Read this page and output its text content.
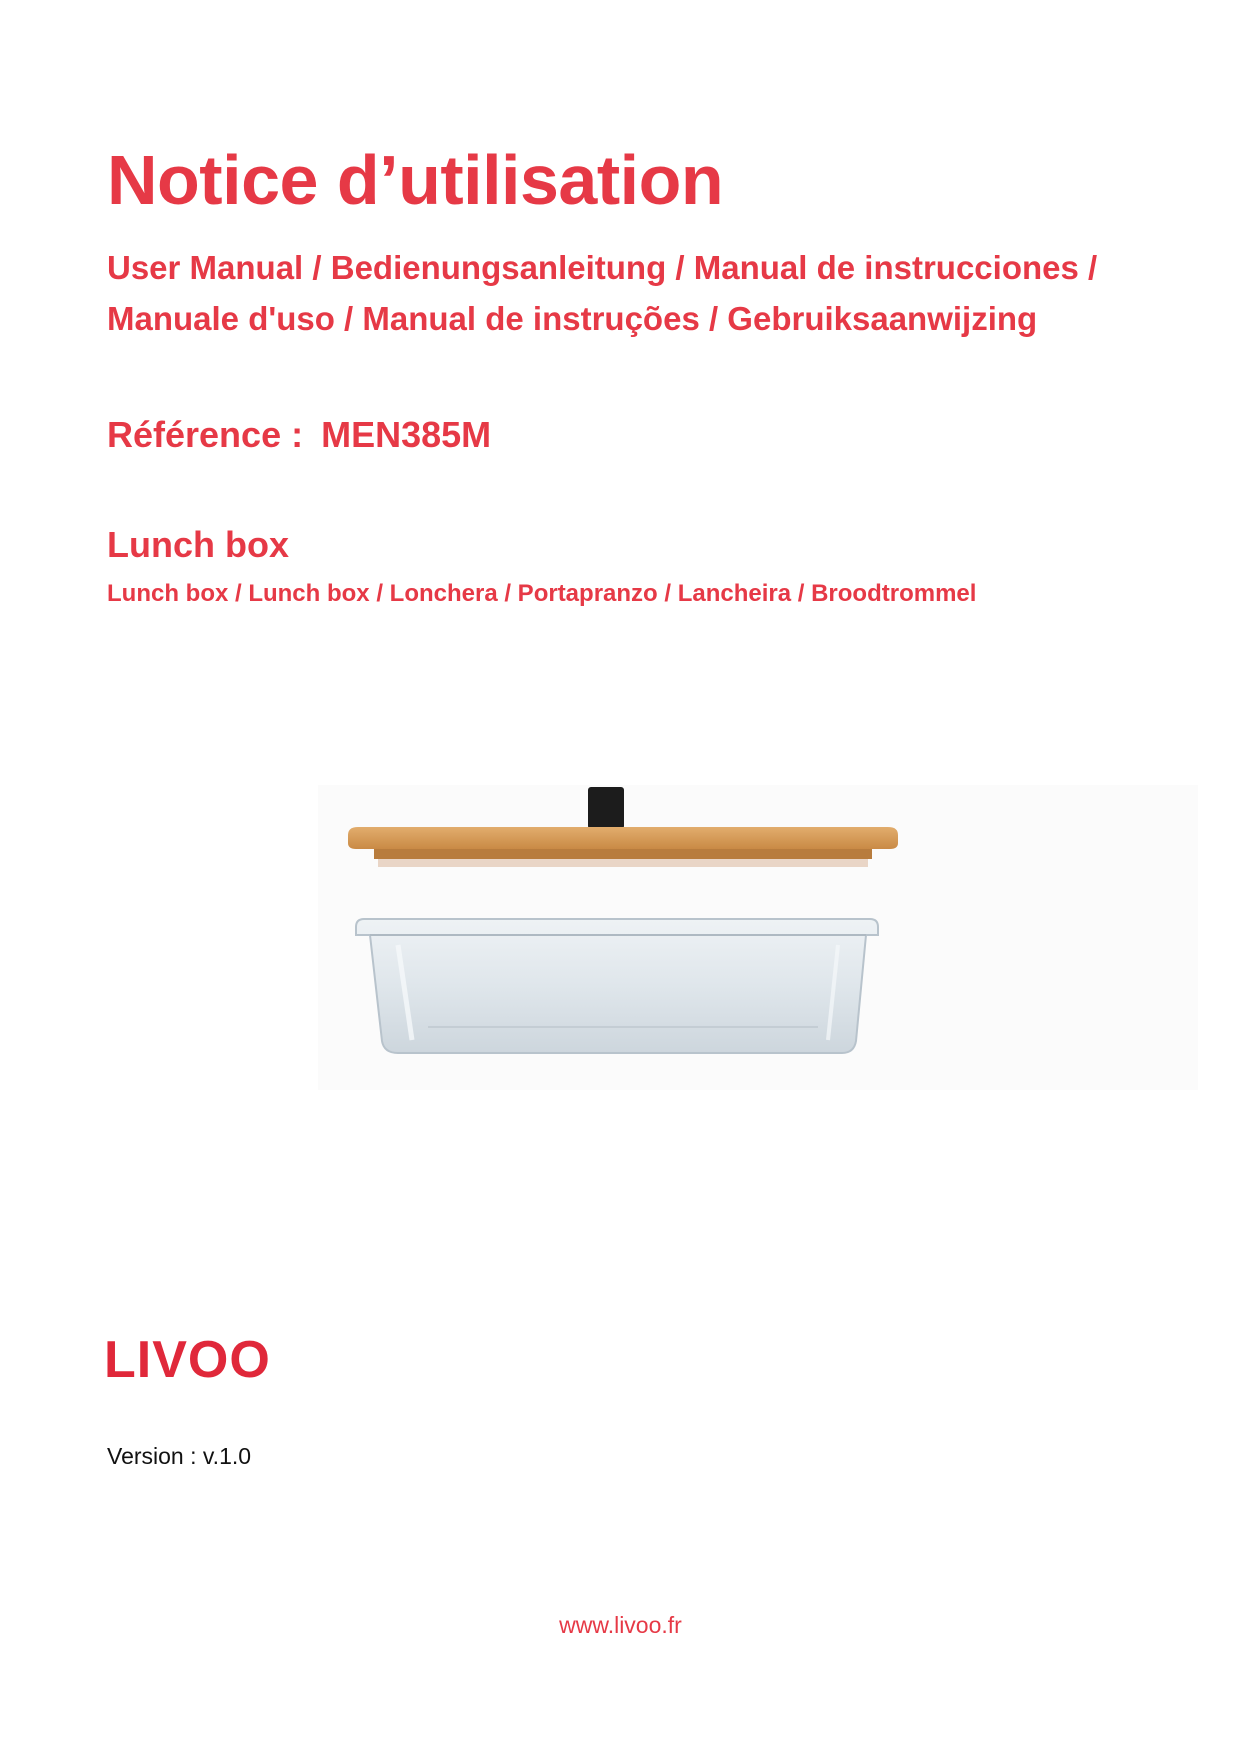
Notice d’utilisation
User Manual / Bedienungsanleitung / Manual de instrucciones /
Manuale d'uso / Manual de instruções / Gebruiksaanwijzing
Référence : MEN385M
Lunch box
Lunch box / Lunch box / Lonchera / Portapranzo / Lancheira / Broodtrommel
LIVOO
Version : v.1.0
www.livoo.fr
